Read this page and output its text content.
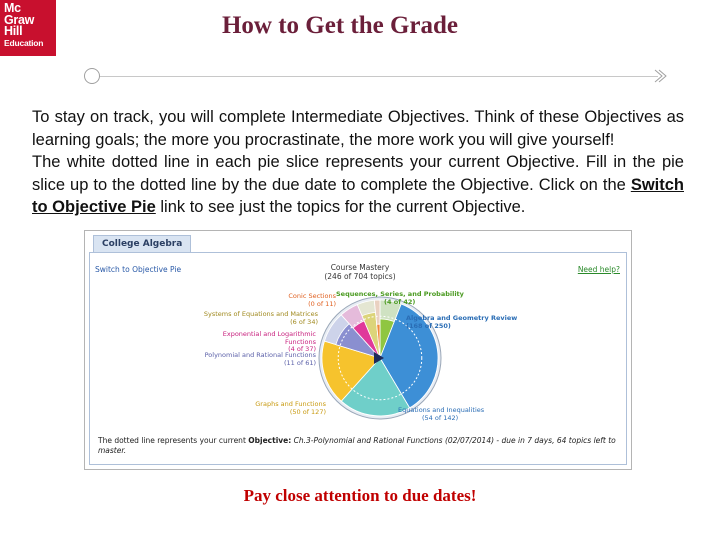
Mc
Graw
Hill
Education
How to Get the Grade

To stay on track, you will complete Intermediate Objectives. Think of these Objectives as learning goals; the more you procrastinate, the more work you will give yourself!

The white dotted line in each pie slice represents your current Objective. Fill in the pie slice up to the dotted line by the due date to complete the Objective. Click on the Switch to Objective Pie link to see just the topics for the current Objective.

College Algebra
Switch to Objective Pie	Need help?
Course Mastery
(246 of 704 topics)
Conic Sections
(0 of 11)
Sequences, Series, and Probability
(4 of 42)
Systems of Equations and Matrices
(6 of 34)	Algebra and Geometry Review
(168 of 250)
Exponential and Logarithmic Functions
(4 of 37)
Polynomial and Rational Functions
(11 of 61)
Graphs and Functions
(50 of 127)	Equations and Inequalities
(54 of 142)
The dotted line represents your current Objective: Ch.3-Polynomial and Rational Functions (02/07/2014) - due in 7 days, 64 topics left to master.
Pay close attention to due dates!
